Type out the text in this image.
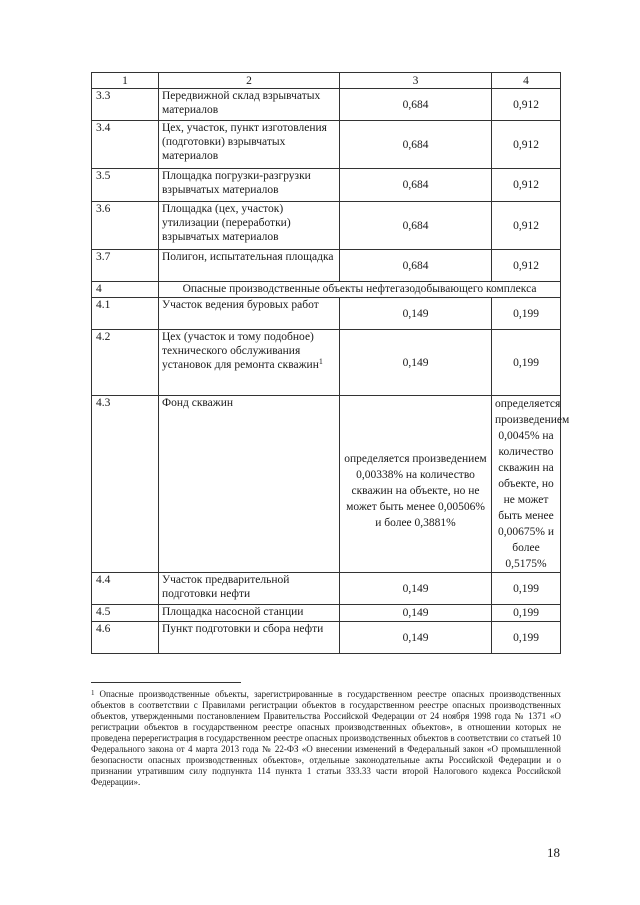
1	2	3	4
3.3	Передвижной склад взрывчатых материалов	0,684	0,912
3.4	Цех, участок, пункт изготовления (подготовки) взрывчатых материалов	0,684	0,912
3.5	Площадка погрузки-разгрузки взрывчатых материалов	0,684	0,912
3.6	Площадка (цех, участок) утилизации (переработки) взрывчатых материалов	0,684	0,912
3.7	Полигон, испытательная площадка	0,684	0,912
4	Опасные производственные объекты нефтегазодобывающего комплекса		
4.1	Участок ведения буровых работ	0,149	0,199
4.2	Цех (участок и тому подобное) технического обслуживания установок для ремонта скважин$^1$	0,149	0,199
4.3	Фонд скважин	определяется произведением 0,00338% на количество скважин на объекте, но не может быть менее 0,00506% и более 0,3881%	определяется произведением 0,0045% на количество скважин на объекте, но не может быть менее 0,00675% и более 0,5175%
4.4	Участок предварительной подготовки нефти	0,149	0,199
4.5	Площадка насосной станции	0,149	0,199
4.6	Пункт подготовки и сбора нефти	0,149	0,199
$^1$ Опасные производственные объекты, зарегистрированные в государственном реестре опасных производственных объектов в соответствии с Правилами регистрации объектов в государственном реестре опасных производственных объектов, утвержденными постановлением Правительства Российской Федерации от 24 ноября 1998 года № 1371 «О регистрации объектов в государственном реестре опасных производственных объектов», в отношении которых не проведена перерегистрация в государственном реестре опасных производственных объектов в соответствии со статьей 10 Федерального закона от 4 марта 2013 года № 22-ФЗ «О внесении изменений в Федеральный закон «О промышленной безопасности опасных производственных объектов», отдельные законодательные акты Российской Федерации и о признании утратившим силу подпункта 114 пункта 1 статьи 333.33 части второй Налогового кодекса Российской Федерации».
18
